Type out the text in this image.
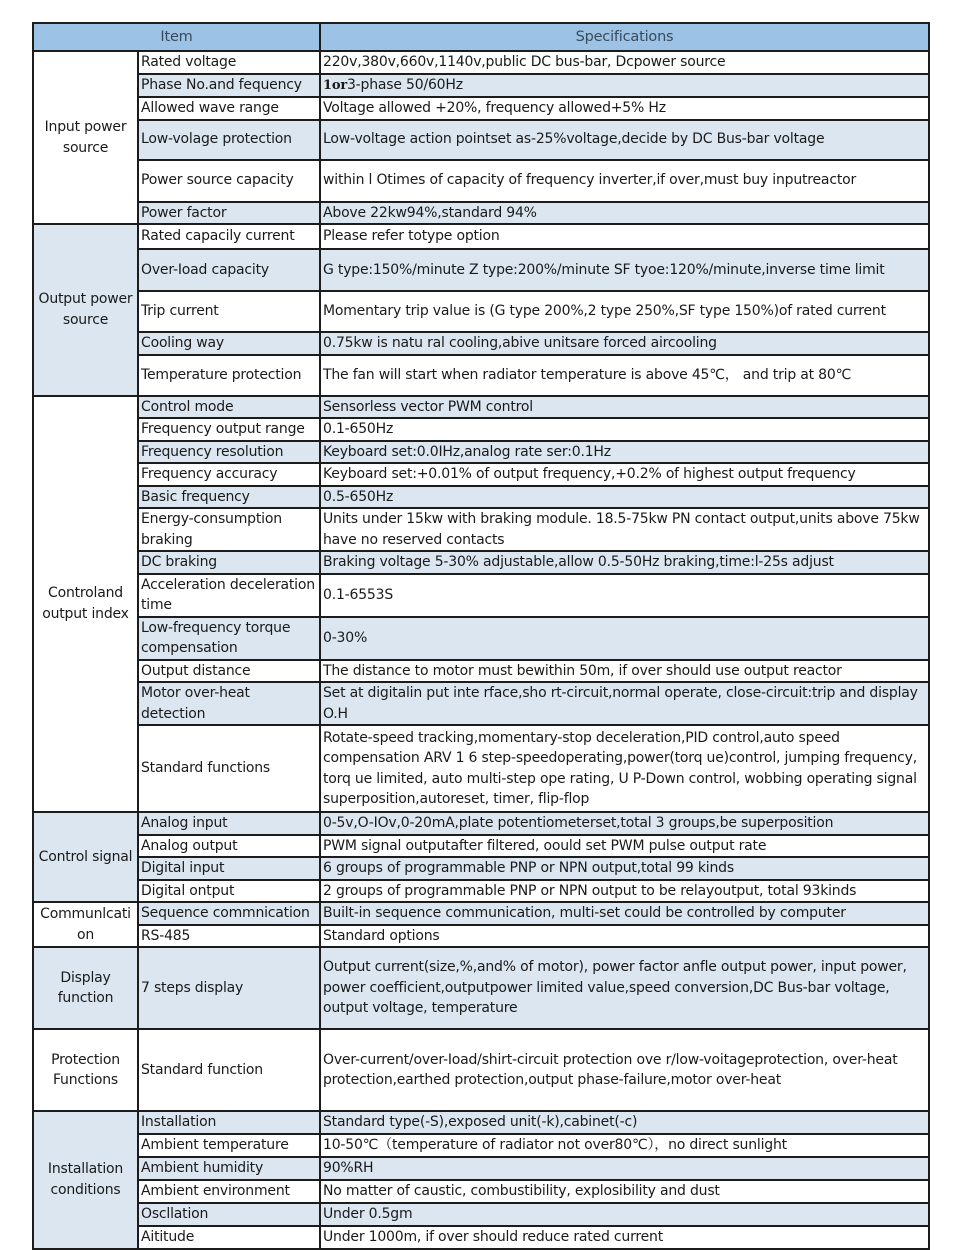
Item		Specifications
Input power source	Rated voltage	220v,380v,660v,1140v,public DC bus-bar, Dcpower source
	Phase No.and fequency	1or3-phase 50/60Hz
	Allowed wave range	Voltage allowed +20%, frequency allowed+5% Hz
	Low-volage protection	Low-voltage action pointset as-25%voltage,decide by DC Bus-bar voltage
	Power source capacity	within l Otimes of capacity of frequency inverter,if over,must buy inputreactor
	Power factor	Above 22kw94%,standard 94%
Output power source	Rated capacily current	Please refer totype option
	Over-Ioad capacity	G type:150%/minute Z type:200%/minute SF tyoe:120%/minute,inverse time limit
	Trip current	Momentary trip value is (G type 200%,2 type 250%,SF type 150%)of rated current
	Cooling way	0.75kw is natu ral cooling,abive unitsare forced aircooling
	Temperature protection	The fan will start when radiator temperature is above 45℃， and trip at 80℃
Controland output index	Control mode	Sensorless vector PWM control
	Frequency output range	0.1-650Hz
	Frequency resolution	Keyboard set:0.0IHz,analog rate ser:0.1Hz
	Frequency accuracy	Keyboard set:+0.01% of output frequency,+0.2% of highest output frequency
	Basic frequency	0.5-650Hz
	Energy-consumption braking	Units under 15kw with braking module. 18.5-75kw PN contact output,units above 75kw have no reserved contacts
	DC braking	Braking voltage 5-30% adjustable,allow 0.5-50Hz braking,time:l-25s adjust
	Acceleration deceleration time	0.1-6553S
	Low-frequency torque compensation	0-30%
	Output distance	The distance to motor must bewithin 50m, if over should use output reactor
	Motor over-heat detection	Set at digitalin put inte rface,sho rt-circuit,normal operate, close-circuit:trip and display O.H
	Standard functions	Rotate-speed tracking,momentary-stop deceleration,PID control,auto speed compensation ARV 1 6 step-speedoperating,power(torq ue)control, jumping frequency, torq ue limited, auto multi-step ope rating, U P-Down control, wobbing operating signal superposition,autoreset, timer, flip-flop
Control signal	Analog input	0-5v,O-IOv,0-20mA,plate potentiometerset,total 3 groups,be superposition
	Analog output	PWM signal outputafter filtered, oould set PWM pulse output rate
	Digital input	6 groups of programmable PNP or NPN output,total 99 kinds
	Digital ontput	2 groups of programmable PNP or NPN output to be relayoutput, total 93kinds
Communlcati on	Sequence commnication	Built-in sequence communication, multi-set could be controlled by computer
	RS-485	Standard options
Display function	7 steps display	Output current(size,%,and% of motor), power factor anfle output power, input power, power coefficient,outputpower limited value,speed conversion,DC Bus-bar voltage, output voltage, temperature
Protection Functions	Standard function	Over-current/over-Ioad/shirt-circuit protection ove r/low-voitageprotection, over-heat protection,earthed protection,output phase-failure,motor over-heat
Installation conditions	Installation	Standard type(-S),exposed unit(-k),cabinet(-c)
	Ambient temperature	10-50℃（temperature of radiator not over80℃），no direct sunlight
	Ambient humidity	90%RH
	Ambient environment	No matter of caustic, combustibility, explosibility and dust
	Oscllation	Under 0.5gm
	Aititude	Under 1000m, if over should reduce rated current
